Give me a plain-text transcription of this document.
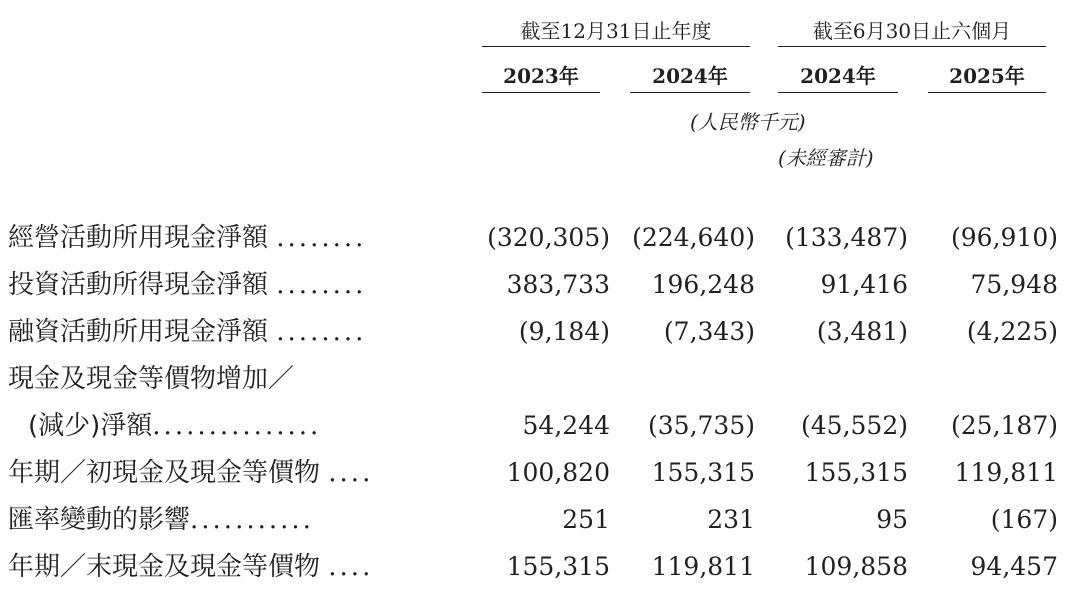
截至12月31日止年度	截至6月30日止六個月
2023年	2024年	2024年	2025年
(人民幣千元)
(未經審計)
經營活動所用現金淨額 ........	(320,305) (224,640) (133,487) (96,910)
投資活動所得現金淨額 ........	383,733 196,248	91,416	75,948
融資活動所用現金淨額 ........	(9,184) (7,343) (3,481) (4,225)
現金及現金等價物增加／
(減少)淨額...............	54,244 (35,735) (45,552) (25,187)
年期／初現金及現金等價物 ....	100,820 155,315 155,315 119,811
匯率變動的影響...........	251	231	95	(167)
年期／末現金及現金等價物 ....	155,315 119,811 109,858	94,457
